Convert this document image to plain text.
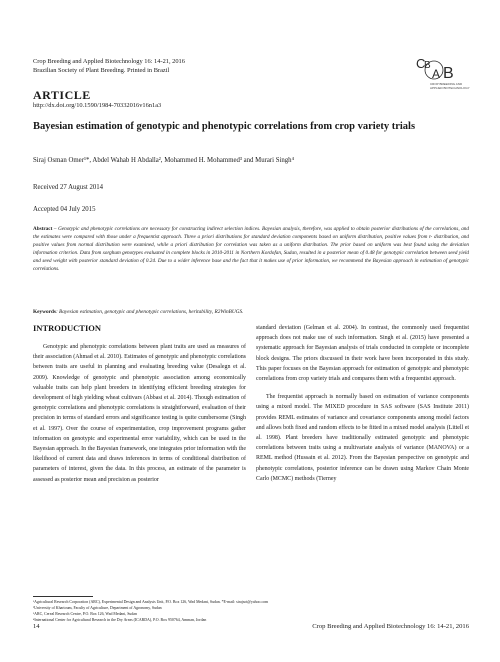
Crop Breeding and Applied Biotechnology 16: 14-21, 2016
Brazilian Society of Plant Breeding. Printed in Brazil	C B
A B
CROP BREEDING AND
APPLIED BIOTECHNOLOGY
ARTICLE
http://dx.doi.org/10.1590/1984-70332016v16n1a3
Bayesian estimation of genotypic and phenotypic correlations from crop variety trials
Siraj Osman Omer¹*, Abdel Wahab H Abdalla², Mohammed H. Mohammed³ and Murari Singh⁴
Received 27 August 2014
Accepted 04 July 2015
Abstract – Genotypic and phenotypic correlations are necessary for constructing indirect selection indices. Bayesian analysis, therefore, was applied to obtain posterior distributions of the correlations, and the estimates were compared with those under a frequentist approach. Three a priori distributions for standard deviation components based on uniform distribution, positive values from t- distribution, and positive values from normal distribution were examined, while a priori distribution for correlation was taken as a uniform distribution. The prior based on uniform was best found using the deviation information criterion. Data from sorghum genotypes evaluated in complete blocks in 2010-2011 in Northern Kordofan, Sudan, resulted in a posterior mean of 0.48 for genotypic correlation between seed yield and seed weight with posterior standard deviation of 0.24. Due to a wider inference base and the fact that it makes use of prior information, we recommend the Bayesian approach in estimation of genotypic correlations.
Keywords: Bayesian estimation, genotypic and phenotypic correlations, heritability, R2WinBUGS.
INTRODUCTION

Genotypic and phenotypic correlations between plant traits are used as measures of their association (Ahmad et al. 2010). Estimates of genotypic and phenotypic correlations between traits are useful in planning and evaluating breeding value (Desalegn et al. 2009). Knowledge of genotypic and phenotypic association among economically valuable traits can help plant breeders in identifying efficient breeding strategies for development of high yielding wheat cultivars (Abbasi et al. 2014). Though estimation of genotypic correlations and phenotypic correlations is straightforward, evaluation of their precision in terms of standard errors and significance testing is quite cumbersome (Singh et al. 1997). Over the course of experimentation, crop improvement programs gather information on genotypic and experimental error variability, which can be used in the Bayesian approach. In the Bayesian framework, one integrates prior information with the likelihood of current data and draws inferences in terms of conditional distribution of parameters of interest, given the data. In this process, an estimate of the parameter is assessed as posterior mean and precision as posterior

standard deviation (Gelman et al. 2004). In contrast, the commonly used frequentist approach does not make use of such information. Singh et al. (2015) have presented a systematic approach for Bayesian analysis of trials conducted in complete or incomplete block designs. The priors discussed in their work have been incorporated in this study. This paper focuses on the Bayesian approach for estimation of genotypic and phenotypic correlations from crop variety trials and compares them with a frequentist approach.

The frequentist approach is normally based on estimation of variance components using a mixed model. The MIXED procedure in SAS software (SAS Institute 2011) provides REML estimates of variance and covariance components among model factors and allows both fixed and random effects to be fitted in a mixed model analysis (Littell et al. 1998). Plant breeders have traditionally estimated genotypic and phenotypic correlations between traits using a multivariate analysis of variance (MANOVA) or a REML method (Hussain et al. 2012). From the Bayesian perspective on genotypic and phenotypic correlations, posterior inference can be drawn using Markov Chain Monte Carlo (MCMC) methods (Tierney

¹Agricultural Research Corporation (ARC), Experimental Design and Analysis Unit, P.O. Box 126, Wad Medani, Sudan. *E-mail: sirajsot@yahoo.com
²University of Khartoum, Faculty of Agriculture, Department of Agronomy, Sudan
³ARC, Cereal Research Centre, P.O. Box 126, Wad Medani, Sudan
⁴International Center for Agricultural Research in the Dry Areas (ICARDA), P.O. Box 950764, Amman, Jordan
14	Crop Breeding and Applied Biotechnology 16: 14-21, 2016
